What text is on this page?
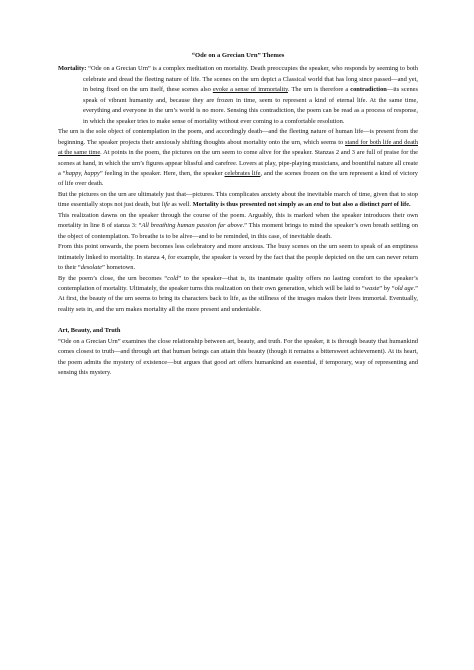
“Ode on a Grecian Urn” Themes

Mortality: “Ode on a Grecian Urn” is a complex meditation on mortality. Death preoccupies the speaker, who responds by seeming to both celebrate and dread the fleeting nature of life. The scenes on the urn depict a Classical world that has long since passed—and yet, in being fixed on the urn itself, these scenes also evoke a sense of immortality. The urn is therefore a contradiction—its scenes speak of vibrant humanity and, because they are frozen in time, seem to represent a kind of eternal life. At the same time, everything and everyone in the urn’s world is no more. Sensing this contradiction, the poem can be read as a process of response, in which the speaker tries to make sense of mortality without ever coming to a comfortable resolution.

The urn is the sole object of contemplation in the poem, and accordingly death—and the fleeting nature of human life—is present from the beginning. The speaker projects their anxiously shifting thoughts about mortality onto the urn, which seems to stand for both life and death at the same time. At points in the poem, the pictures on the urn seem to come alive for the speaker. Stanzas 2 and 3 are full of praise for the scenes at hand, in which the urn’s figures appear blissful and carefree. Lovers at play, pipe-playing musicians, and bountiful nature all create a “happy, happy” feeling in the speaker. Here, then, the speaker celebrates life, and the scenes frozen on the urn represent a kind of victory of life over death.

But the pictures on the urn are ultimately just that—pictures. This complicates anxiety about the inevitable march of time, given that to stop time essentially stops not just death, but life as well. Mortality is thus presented not simply as an end to but also a distinct part of life.

This realization dawns on the speaker through the course of the poem. Arguably, this is marked when the speaker introduces their own mortality in line 8 of stanza 3: “All breathing human passion far above.” This moment brings to mind the speaker’s own breath settling on the object of contemplation. To breathe is to be alive—and to be reminded, in this case, of inevitable death.

From this point onwards, the poem becomes less celebratory and more anxious. The busy scenes on the urn seem to speak of an emptiness intimately linked to mortality. In stanza 4, for example, the speaker is vexed by the fact that the people depicted on the urn can never return to their “desolate” hometown.

By the poem’s close, the urn becomes “cold” to the speaker—that is, its inanimate quality offers no lasting comfort to the speaker’s contemplation of mortality. Ultimately, the speaker turns this realization on their own generation, which will be laid to “waste” by “old age.”

At first, the beauty of the urn seems to bring its characters back to life, as the stillness of the images makes their lives immortal. Eventually, reality sets in, and the urn makes mortality all the more present and undeniable.

Art, Beauty, and Truth

“Ode on a Grecian Urn” examines the close relationship between art, beauty, and truth. For the speaker, it is through beauty that humankind comes closest to truth—and through art that human beings can attain this beauty (though it remains a bittersweet achievement). At its heart, the poem admits the mystery of existence—but argues that good art offers humankind an essential, if temporary, way of representing and sensing this mystery.
